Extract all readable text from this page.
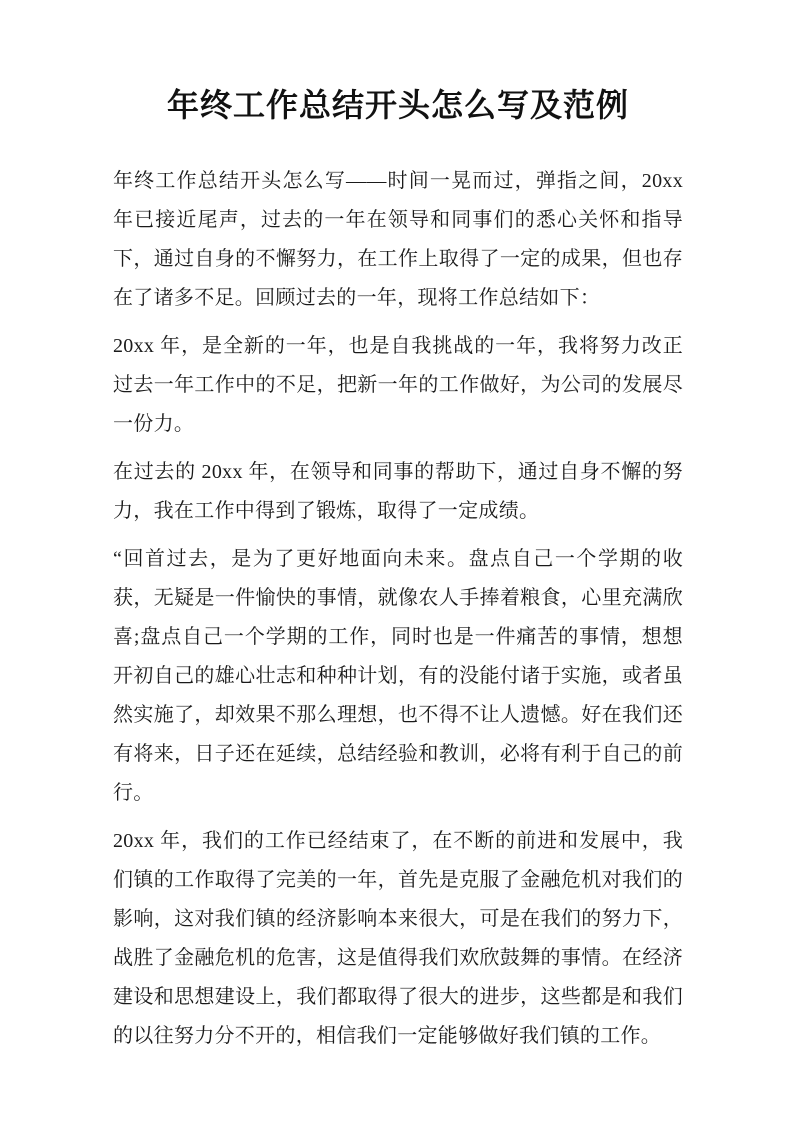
年终工作总结开头怎么写及范例

年终工作总结开头怎么写——时间一晃而过，弹指之间，20xx 年已接近尾声，过去的一年在领导和同事们的悉心关怀和指导下，通过自身的不懈努力，在工作上取得了一定的成果，但也存在了诸多不足。回顾过去的一年，现将工作总结如下：

20xx 年，是全新的一年，也是自我挑战的一年，我将努力改正过去一年工作中的不足，把新一年的工作做好，为公司的发展尽一份力。

在过去的 20xx 年，在领导和同事的帮助下，通过自身不懈的努力，我在工作中得到了锻炼，取得了一定成绩。

“回首过去，是为了更好地面向未来。盘点自己一个学期的收获，无疑是一件愉快的事情，就像农人手捧着粮食，心里充满欣喜;盘点自己一个学期的工作，同时也是一件痛苦的事情，想想开初自己的雄心壮志和种种计划，有的没能付诸于实施，或者虽然实施了，却效果不那么理想，也不得不让人遗憾。好在我们还有将来，日子还在延续，总结经验和教训，必将有利于自己的前行。

20xx 年，我们的工作已经结束了，在不断的前进和发展中，我们镇的工作取得了完美的一年，首先是克服了金融危机对我们的影响，这对我们镇的经济影响本来很大，可是在我们的努力下，战胜了金融危机的危害，这是值得我们欢欣鼓舞的事情。在经济建设和思想建设上，我们都取得了很大的进步，这些都是和我们的以往努力分不开的，相信我们一定能够做好我们镇的工作。
